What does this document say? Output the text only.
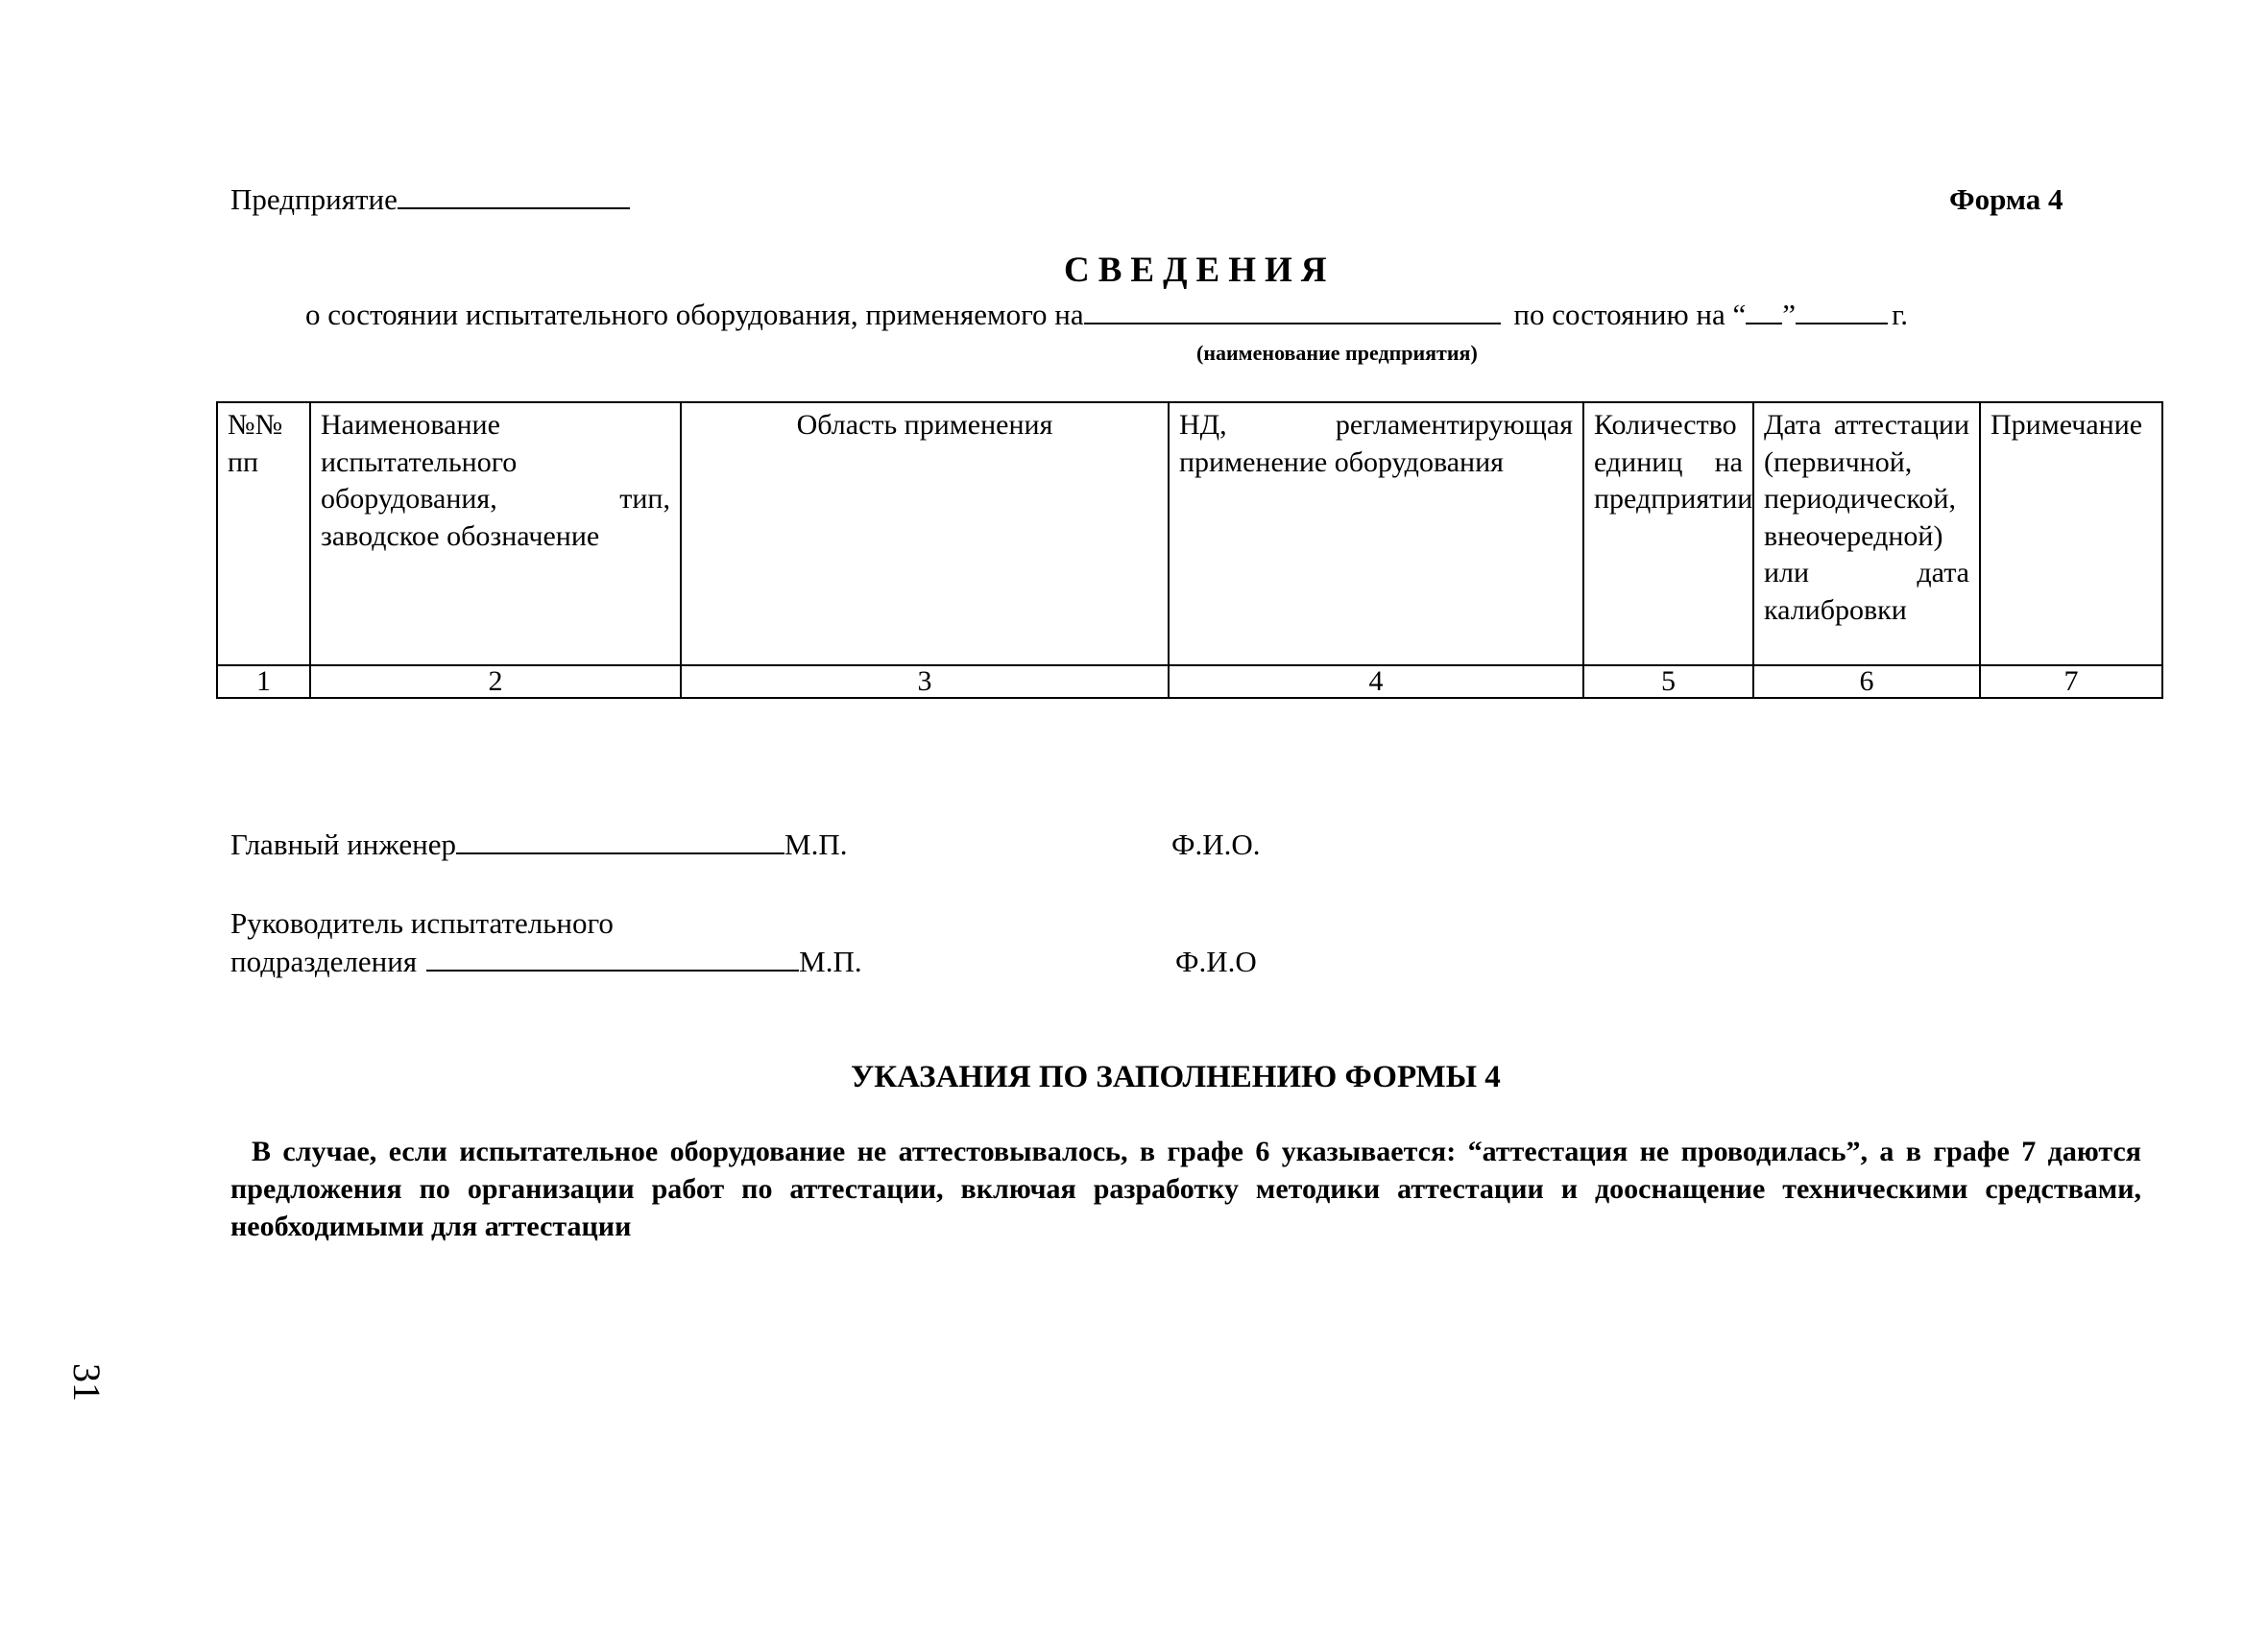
Предприятие	Форма 4
СВЕДЕНИЯ
о состоянии испытательного оборудования, применяемого на	по состоянию на “ ”	г.
(наименование предприятия)
№№ пп	Наименование испытательного оборудования, тип, заводское обозначение	Область применения	НД, регламентирующая применение оборудования	Количество единиц на предприятии	Дата аттестации (первичной, периодической, внеочередной) или дата калибровки	Примечание
1	2	3	4	5	6	7
Главный инженер	М.П.	Ф.И.О.
Руководитель испытательного
подразделения	М.П.	Ф.И.О
УКАЗАНИЯ ПО ЗАПОЛНЕНИЮ ФОРМЫ 4
В случае, если испытательное оборудование не аттестовывалось, в графе 6 указывается: “аттестация не проводилась”, а в графе 7 даются предложения по организации работ по аттестации, включая разработку методики аттестации и дооснащение техническими средствами, необходимыми для аттестации
31
